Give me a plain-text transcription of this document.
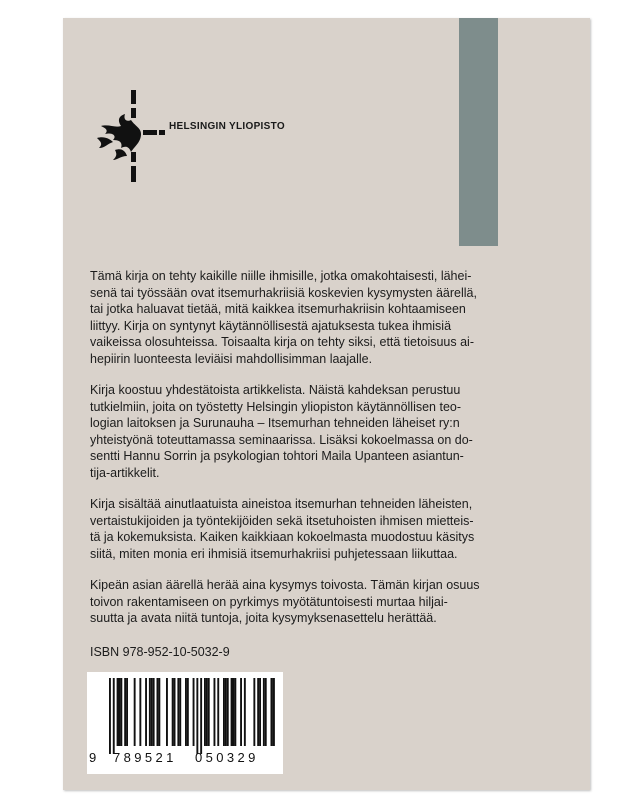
HELSINGIN YLIOPISTO

Tämä kirja on tehty kaikille niille ihmisille, jotka omakohtaisesti, lähei-
senä tai työssään ovat itsemurhakriisiä koskevien kysymysten äärellä,
tai jotka haluavat tietää, mitä kaikkea itsemurhakriisin kohtaamiseen
liittyy. Kirja on syntynyt käytännöllisestä ajatuksesta tukea ihmisiä
vaikeissa olosuhteissa. Toisaalta kirja on tehty siksi, että tietoisuus ai-
hepiirin luonteesta leviäisi mahdollisimman laajalle.

Kirja koostuu yhdestätoista artikkelista. Näistä kahdeksan perustuu
tutkielmiin, joita on työstetty Helsingin yliopiston käytännöllisen teo-
logian laitoksen ja Surunauha – Itsemurhan tehneiden läheiset ry:n
yhteistyönä toteuttamassa seminaarissa. Lisäksi kokoelmassa on do-
sentti Hannu Sorrin ja psykologian tohtori Maila Upanteen asiantun-
tija-artikkelit.

Kirja sisältää ainutlaatuista aineistoa itsemurhan tehneiden läheisten,
vertaistukijoiden ja työntekijöiden sekä itsetuhoisten ihmisen mietteis-
tä ja kokemuksista. Kaiken kaikkiaan kokoelmasta muodostuu käsitys
siitä, miten monia eri ihmisiä itsemurhakriisi puhjetessaan liikuttaa.

Kipeän asian äärellä herää aina kysymys toivosta. Tämän kirjan osuus
toivon rakentamiseen on pyrkimys myötätuntoisesti murtaa hiljai-
suutta ja avata niitä tuntoja, joita kysymyksenasettelu herättää.

ISBN 978-952-10-5032-9
9 789521 050329
